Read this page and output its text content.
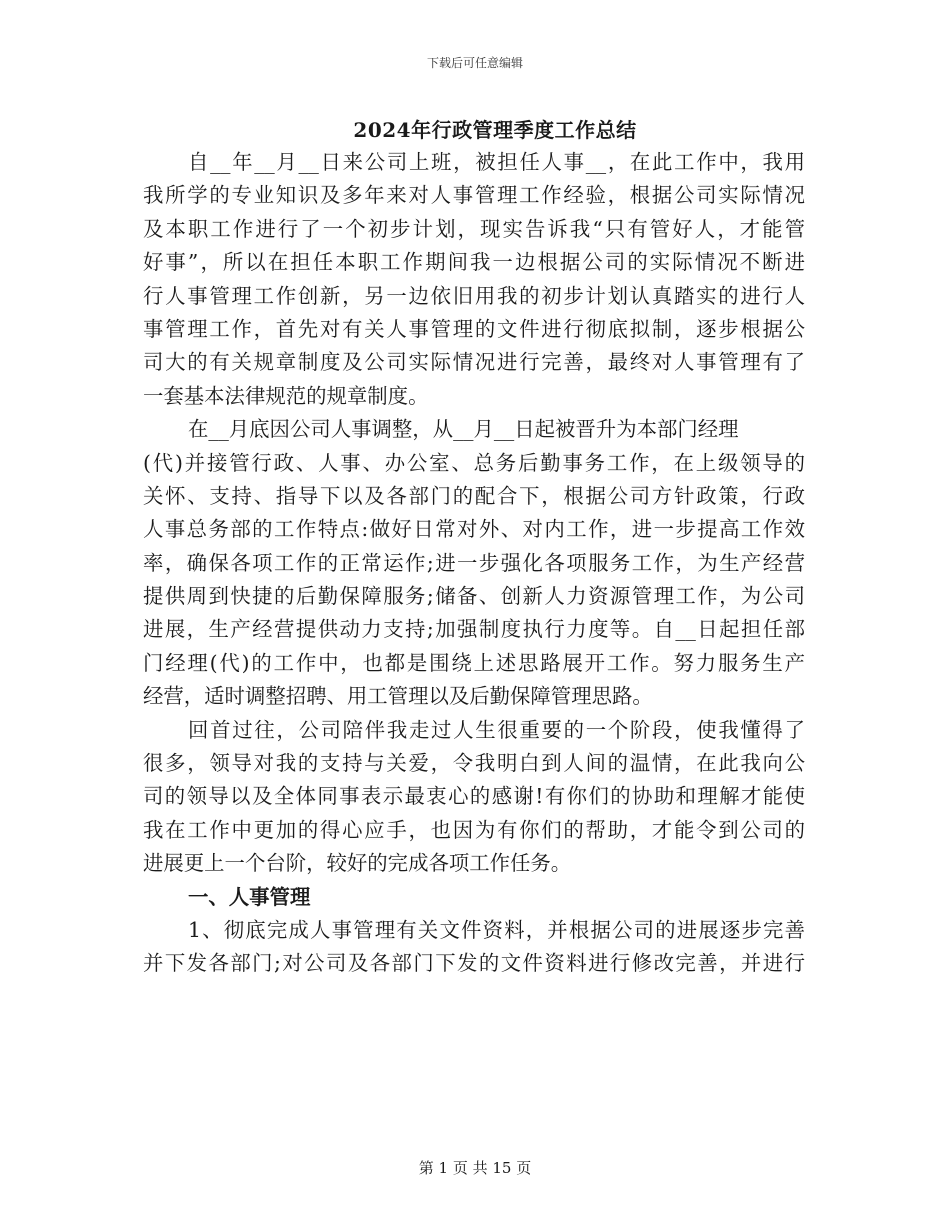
下载后可任意编辑
2024年行政管理季度工作总结
自__年__月__日来公司上班，被担任人事__，在此工作中，我用
我所学的专业知识及多年来对人事管理工作经验，根据公司实际情况
及本职工作进行了一个初步计划，现实告诉我“只有管好人，才能管
好事”，所以在担任本职工作期间我一边根据公司的实际情况不断进
行人事管理工作创新，另一边依旧用我的初步计划认真踏实的进行人
事管理工作，首先对有关人事管理的文件进行彻底拟制，逐步根据公
司大的有关规章制度及公司实际情况进行完善，最终对人事管理有了
一套基本法律规范的规章制度。
在__月底因公司人事调整，从__月__日起被晋升为本部门经理
(代)并接管行政、人事、办公室、总务后勤事务工作，在上级领导的
关怀、支持、指导下以及各部门的配合下，根据公司方针政策，行政
人事总务部的工作特点:做好日常对外、对内工作，进一步提高工作效
率，确保各项工作的正常运作;进一步强化各项服务工作，为生产经营
提供周到快捷的后勤保障服务;储备、创新人力资源管理工作，为公司
进展，生产经营提供动力支持;加强制度执行力度等。自__日起担任部
门经理(代)的工作中，也都是围绕上述思路展开工作。努力服务生产
经营，适时调整招聘、用工管理以及后勤保障管理思路。
回首过往，公司陪伴我走过人生很重要的一个阶段，使我懂得了
很多，领导对我的支持与关爱，令我明白到人间的温情，在此我向公
司的领导以及全体同事表示最衷心的感谢!有你们的协助和理解才能使
我在工作中更加的得心应手，也因为有你们的帮助，才能令到公司的
进展更上一个台阶，较好的完成各项工作任务。
一、人事管理
1、彻底完成人事管理有关文件资料，并根据公司的进展逐步完善
并下发各部门;对公司及各部门下发的文件资料进行修改完善，并进行
第 1 页 共 15 页
